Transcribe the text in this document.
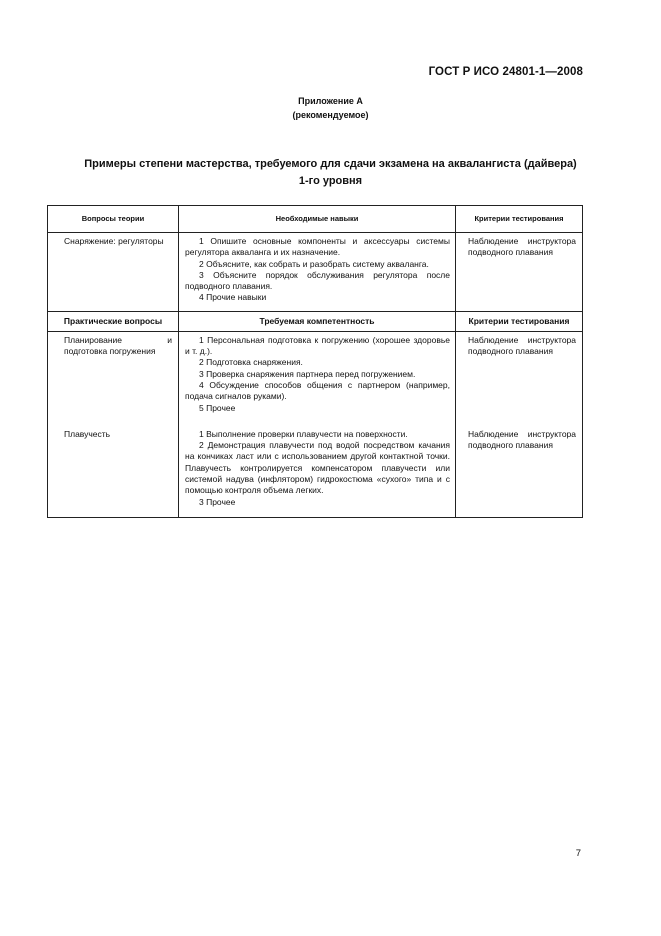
ГОСТ Р ИСО 24801-1—2008
Приложение А
(рекомендуемое)
Примеры степени мастерства, требуемого для сдачи экзамена на аквалангиста (дайвера)
1-го уровня
Вопросы теории	Необходимые навыки	Критерии тестирования

Снаряжение: регуляторы	1 Опишите основные компоненты и аксессуары системы регулятора акваланга и их назначение.
2 Объясните, как собрать и разобрать систему акваланга.
3 Объясните порядок обслуживания регулятора после подводного плавания.
4 Прочие навыки	Наблюдение инструктора подводного плавания

Практические вопросы	Требуемая компетентность	Критерии тестирования

Планирование и подготовка погружения	1 Персональная подготовка к погружению (хорошее здоровье и т. д.).
2 Подготовка снаряжения.
3 Проверка снаряжения партнера перед погружением.
4 Обсуждение способов общения с партнером (например, подача сигналов руками).
5 Прочее	Наблюдение инструктора подводного плавания

Плавучесть	1 Выполнение проверки плавучести на поверхности.
2 Демонстрация плавучести под водой посредством качания на кончиках ласт или с использованием другой контактной точки. Плавучесть контролируется компенсатором плавучести или системой надува (инфлятором) гидрокостюма «сухого» типа и с помощью контроля объема легких.
3 Прочее	Наблюдение инструктора подводного плавания
7
